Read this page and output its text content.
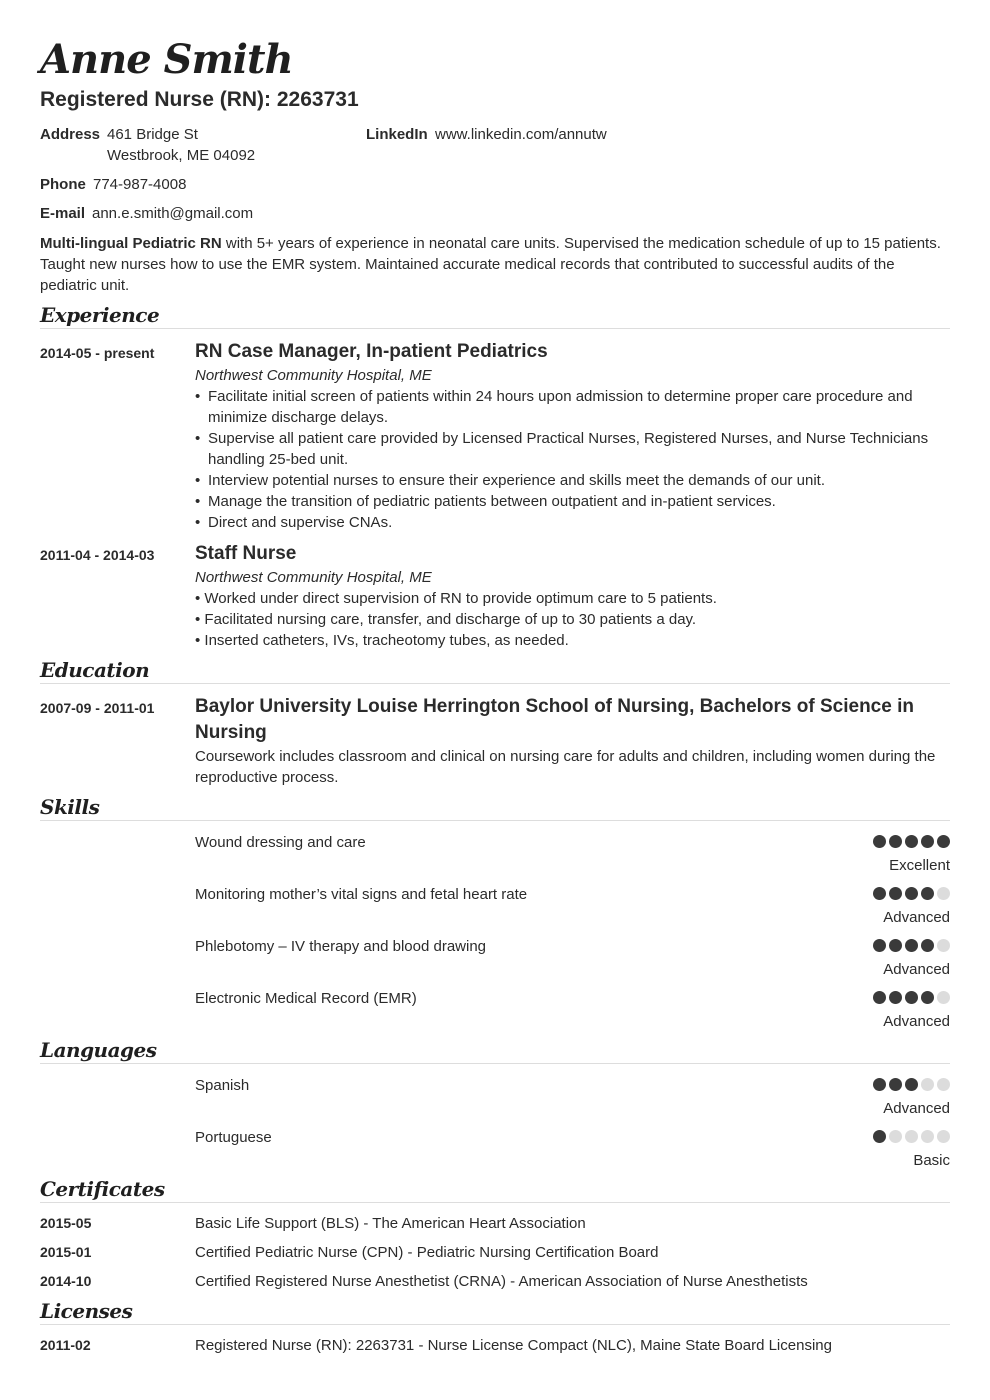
Anne Smith
Registered Nurse (RN): 2263731
Address 461 Bridge St
Westbrook, ME 04092
LinkedIn www.linkedin.com/annutw
Phone 774-987-4008
E-mail ann.e.smith@gmail.com

Multi-lingual Pediatric RN with 5+ years of experience in neonatal care units. Supervised the medication schedule of up to 15 patients. Taught new nurses how to use the EMR system. Maintained accurate medical records that contributed to successful audits of the pediatric unit.

Experience
2014-05 - present RN Case Manager, In-patient Pediatrics

Northwest Community Hospital, ME

• Facilitate initial screen of patients within 24 hours upon admission to determine proper care procedure and minimize discharge delays.
• Supervise all patient care provided by Licensed Practical Nurses, Registered Nurses, and Nurse Technicians handling 25-bed unit.
• Interview potential nurses to ensure their experience and skills meet the demands of our unit.
• Manage the transition of pediatric patients between outpatient and in-patient services.
• Direct and supervise CNAs.
2011-04 - 2014-03 Staff Nurse

Northwest Community Hospital, ME

• Worked under direct supervision of RN to provide optimum care to 5 patients.

• Facilitated nursing care, transfer, and discharge of up to 30 patients a day.

• Inserted catheters, IVs, tracheotomy tubes, as needed.

Education
2007-09 - 2011-01 Baylor University Louise Herrington School of Nursing, Bachelors of Science in Nursing

Coursework includes classroom and clinical on nursing care for adults and children, including women during the reproductive process.

Skills
Wound dressing and care
Excellent
Monitoring mother’s vital signs and fetal heart rate
Advanced
Phlebotomy – IV therapy and blood drawing
Advanced
Electronic Medical Record (EMR)
Advanced
Languages
Spanish
Advanced
Portuguese
Basic
Certificates
2015-05	Basic Life Support (BLS) - The American Heart Association
2015-01	Certified Pediatric Nurse (CPN) - Pediatric Nursing Certification Board
2014-10	Certified Registered Nurse Anesthetist (CRNA) - American Association of Nurse Anesthetists
Licenses
2011-02	Registered Nurse (RN): 2263731 - Nurse License Compact (NLC), Maine State Board Licensing
